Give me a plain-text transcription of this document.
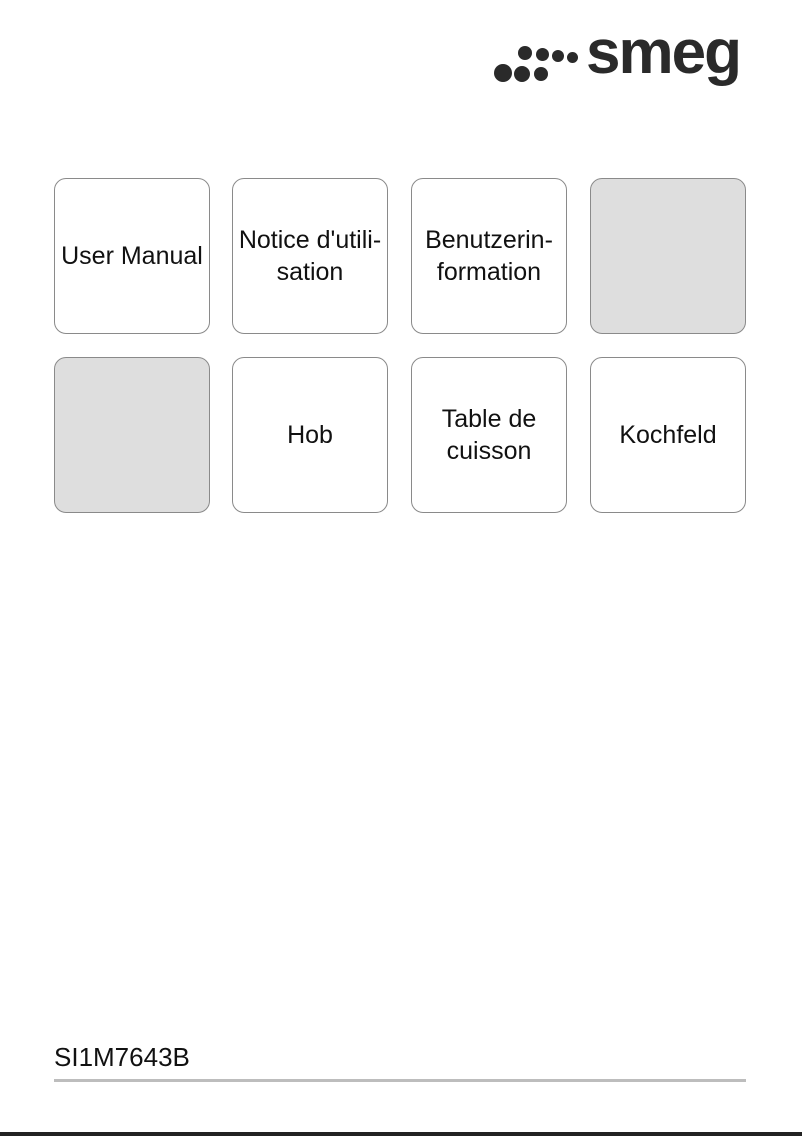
smeg
User Manual
Notice d'utili-
sation
Benutzerin-
formation
Hob
Table de
cuisson
Kochfeld
SI1M7643B
